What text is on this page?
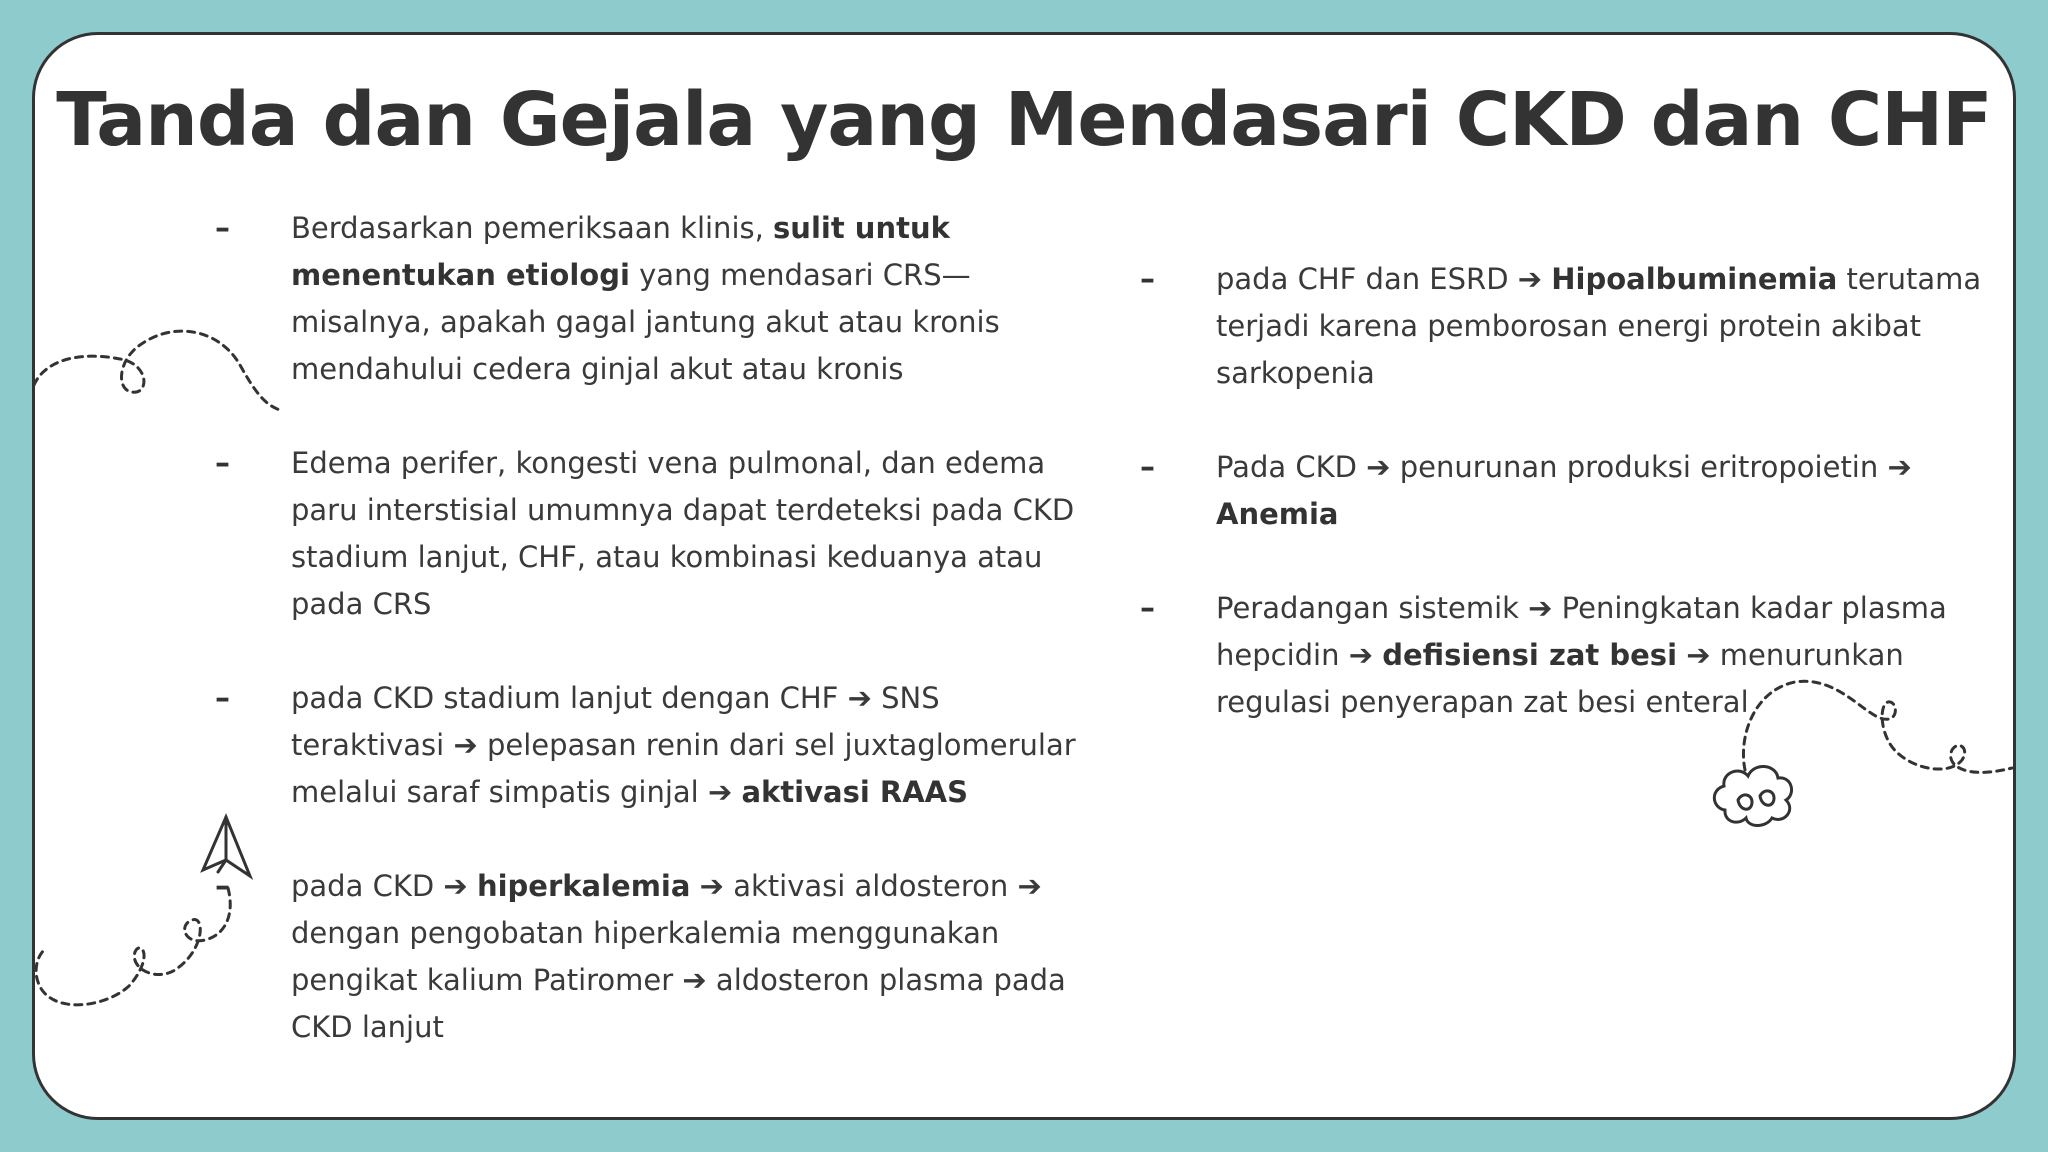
Tanda dan Gejala yang Mendasari CKD dan CHF
–	Berdasarkan pemeriksaan klinis, sulit untuk menentukan etiologi yang mendasari CRS—misalnya, apakah gagal jantung akut atau kronis mendahului cedera ginjal akut atau kronis
–	Edema perifer, kongesti vena pulmonal, dan edema paru interstisial umumnya dapat terdeteksi pada CKD stadium lanjut, CHF, atau kombinasi keduanya atau pada CRS
–	pada CKD stadium lanjut dengan CHF ➔ SNS teraktivasi ➔ pelepasan renin dari sel juxtaglomerular melalui saraf simpatis ginjal ➔ aktivasi RAAS
–	pada CKD ➔ hiperkalemia ➔ aktivasi aldosteron ➔ dengan pengobatan hiperkalemia menggunakan pengikat kalium Patiromer ➔ aldosteron plasma pada CKD lanjut
–	pada CHF dan ESRD ➔ Hipoalbuminemia terutama terjadi karena pemborosan energi protein akibat sarkopenia
–	Pada CKD ➔ penurunan produksi eritropoietin ➔ Anemia
–	Peradangan sistemik ➔ Peningkatan kadar plasma hepcidin ➔ defisiensi zat besi ➔ menurunkan regulasi penyerapan zat besi enteral
